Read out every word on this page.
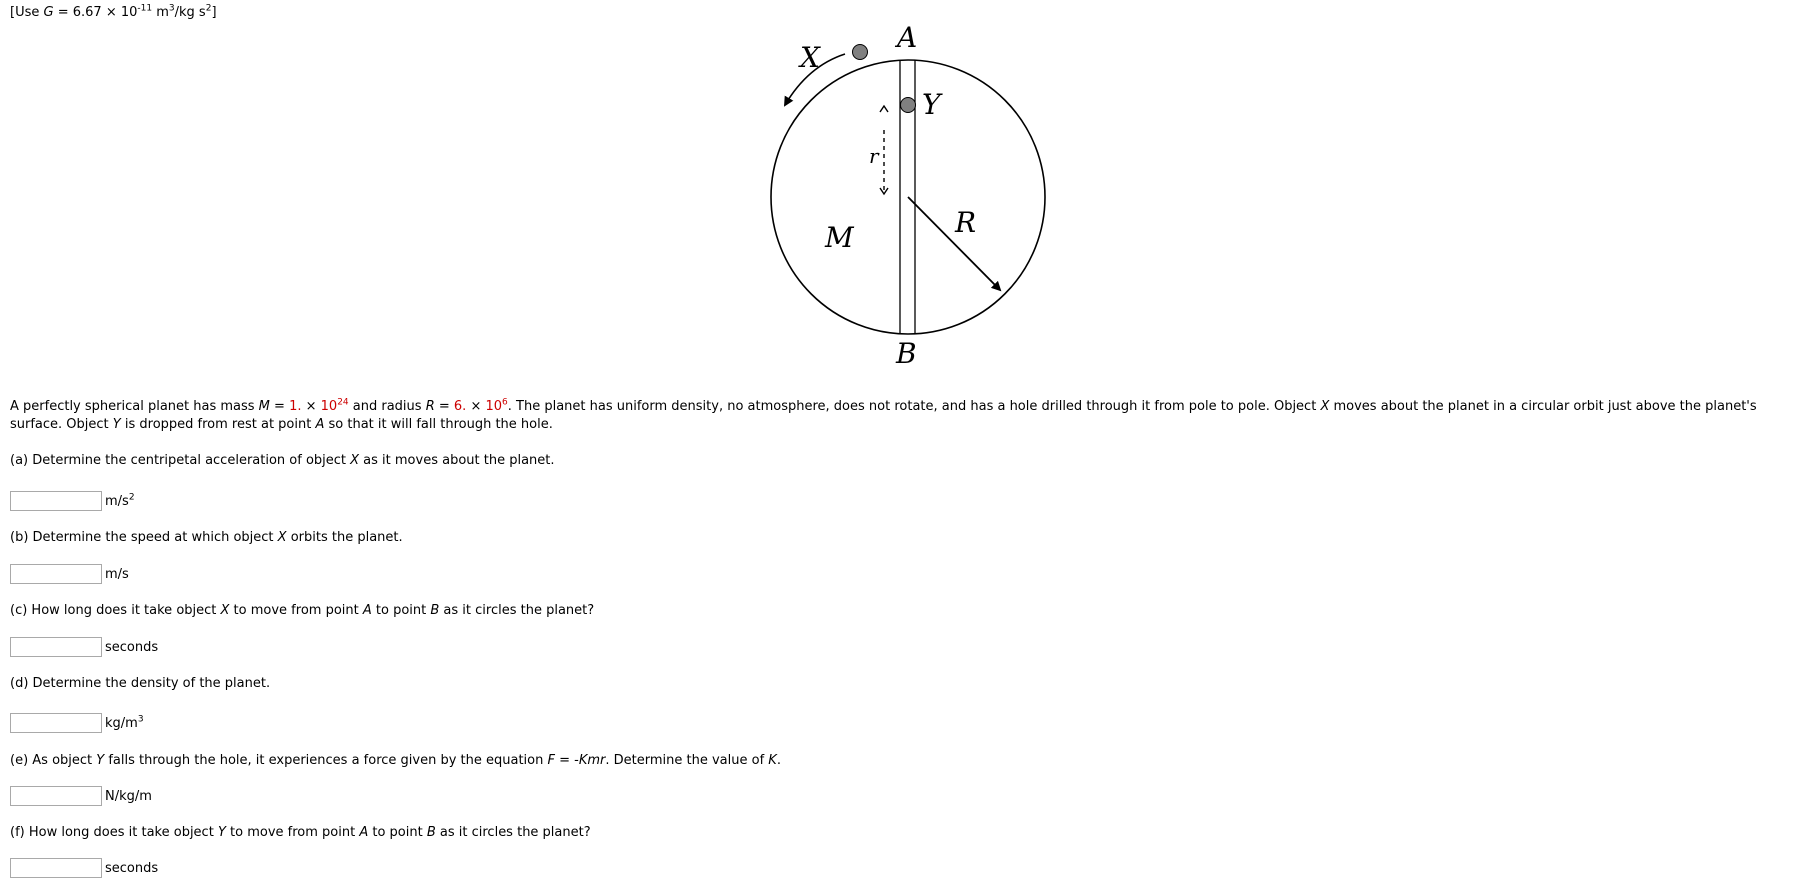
[Use $G = 6.67 \times 10^{-11}$ $m^3/kg$ $s^2$]
X
A
Y
r
M	R
B
A perfectly spherical planet has mass M = 1. × $10^{24}$ and radius R = 6. × $10^6$. The planet has uniform density, no atmosphere, does not rotate, and has a hole drilled through it from pole to pole. Object X moves about the planet in a circular orbit just above the planet's surface. Object Y is dropped from rest at point A so that it will fall through the hole.
(a) Determine the centripetal acceleration of object X as it moves about the planet.
$m/s^2$
(b) Determine the speed at which object X orbits the planet.
m/s
(c) How long does it take object X to move from point A to point B as it circles the planet?
seconds
(d) Determine the density of the planet.
$kg/m^3$
(e) As object Y falls through the hole, it experiences a force given by the equation F = -Kmr. Determine the value of K.
N/kg/m
(f) How long does it take object Y to move from point A to point B as it circles the planet?
seconds
